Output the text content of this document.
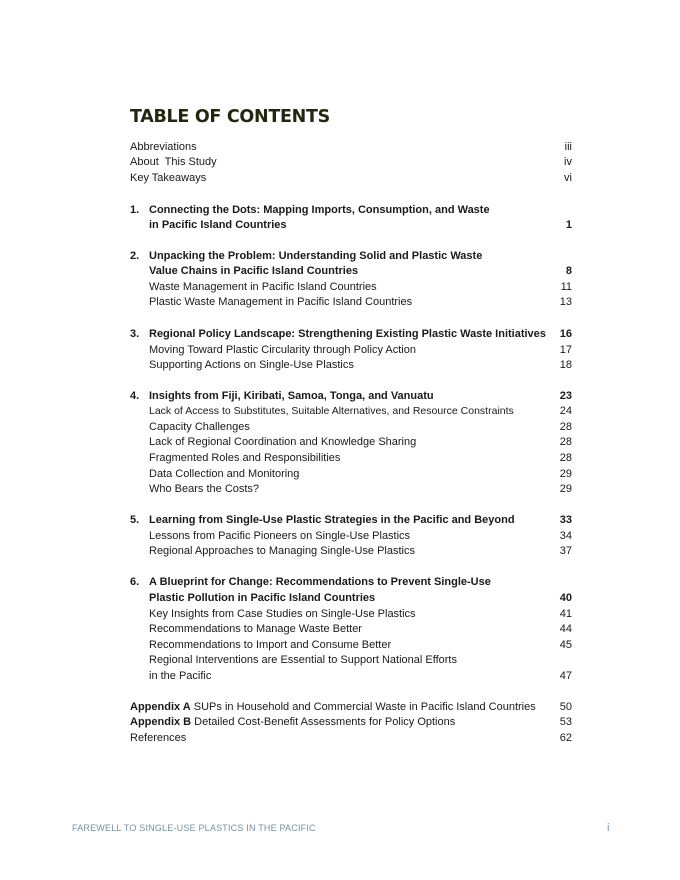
TABLE OF CONTENTS
Abbreviations	iii
About  This Study	iv
Key Takeaways	vi
1. Connecting the Dots: Mapping Imports, Consumption, and Waste
in Pacific Island Countries	1
2. Unpacking the Problem: Understanding Solid and Plastic Waste
Value Chains in Pacific Island Countries	8
Waste Management in Pacific Island Countries	11
Plastic Waste Management in Pacific Island Countries	13
3. Regional Policy Landscape: Strengthening Existing Plastic Waste Initiatives 16
Moving Toward Plastic Circularity through Policy Action	17
Supporting Actions on Single-Use Plastics	18
4. Insights from Fiji, Kiribati, Samoa, Tonga, and Vanuatu	23
Lack of Access to Substitutes, Suitable Alternatives, and Resource Constraints	24
Capacity Challenges	28
Lack of Regional Coordination and Knowledge Sharing	28
Fragmented Roles and Responsibilities	28
Data Collection and Monitoring	29
Who Bears the Costs?	29
5. Learning from Single-Use Plastic Strategies in the Pacific and Beyond	33
Lessons from Pacific Pioneers on Single-Use Plastics	34
Regional Approaches to Managing Single-Use Plastics	37
6. A Blueprint for Change: Recommendations to Prevent Single-Use
Plastic Pollution in Pacific Island Countries	40
Key Insights from Case Studies on Single-Use Plastics	41
Recommendations to Manage Waste Better	44
Recommendations to Import and Consume Better	45
Regional Interventions are Essential to Support National Efforts
in the Pacific	47
Appendix A SUPs in Household and Commercial Waste in Pacific Island Countries 50
Appendix B Detailed Cost-Benefit Assessments for Policy Options	53
References	62
FAREWELL TO SINGLE-USE PLASTICS IN THE PACIFIC	i
